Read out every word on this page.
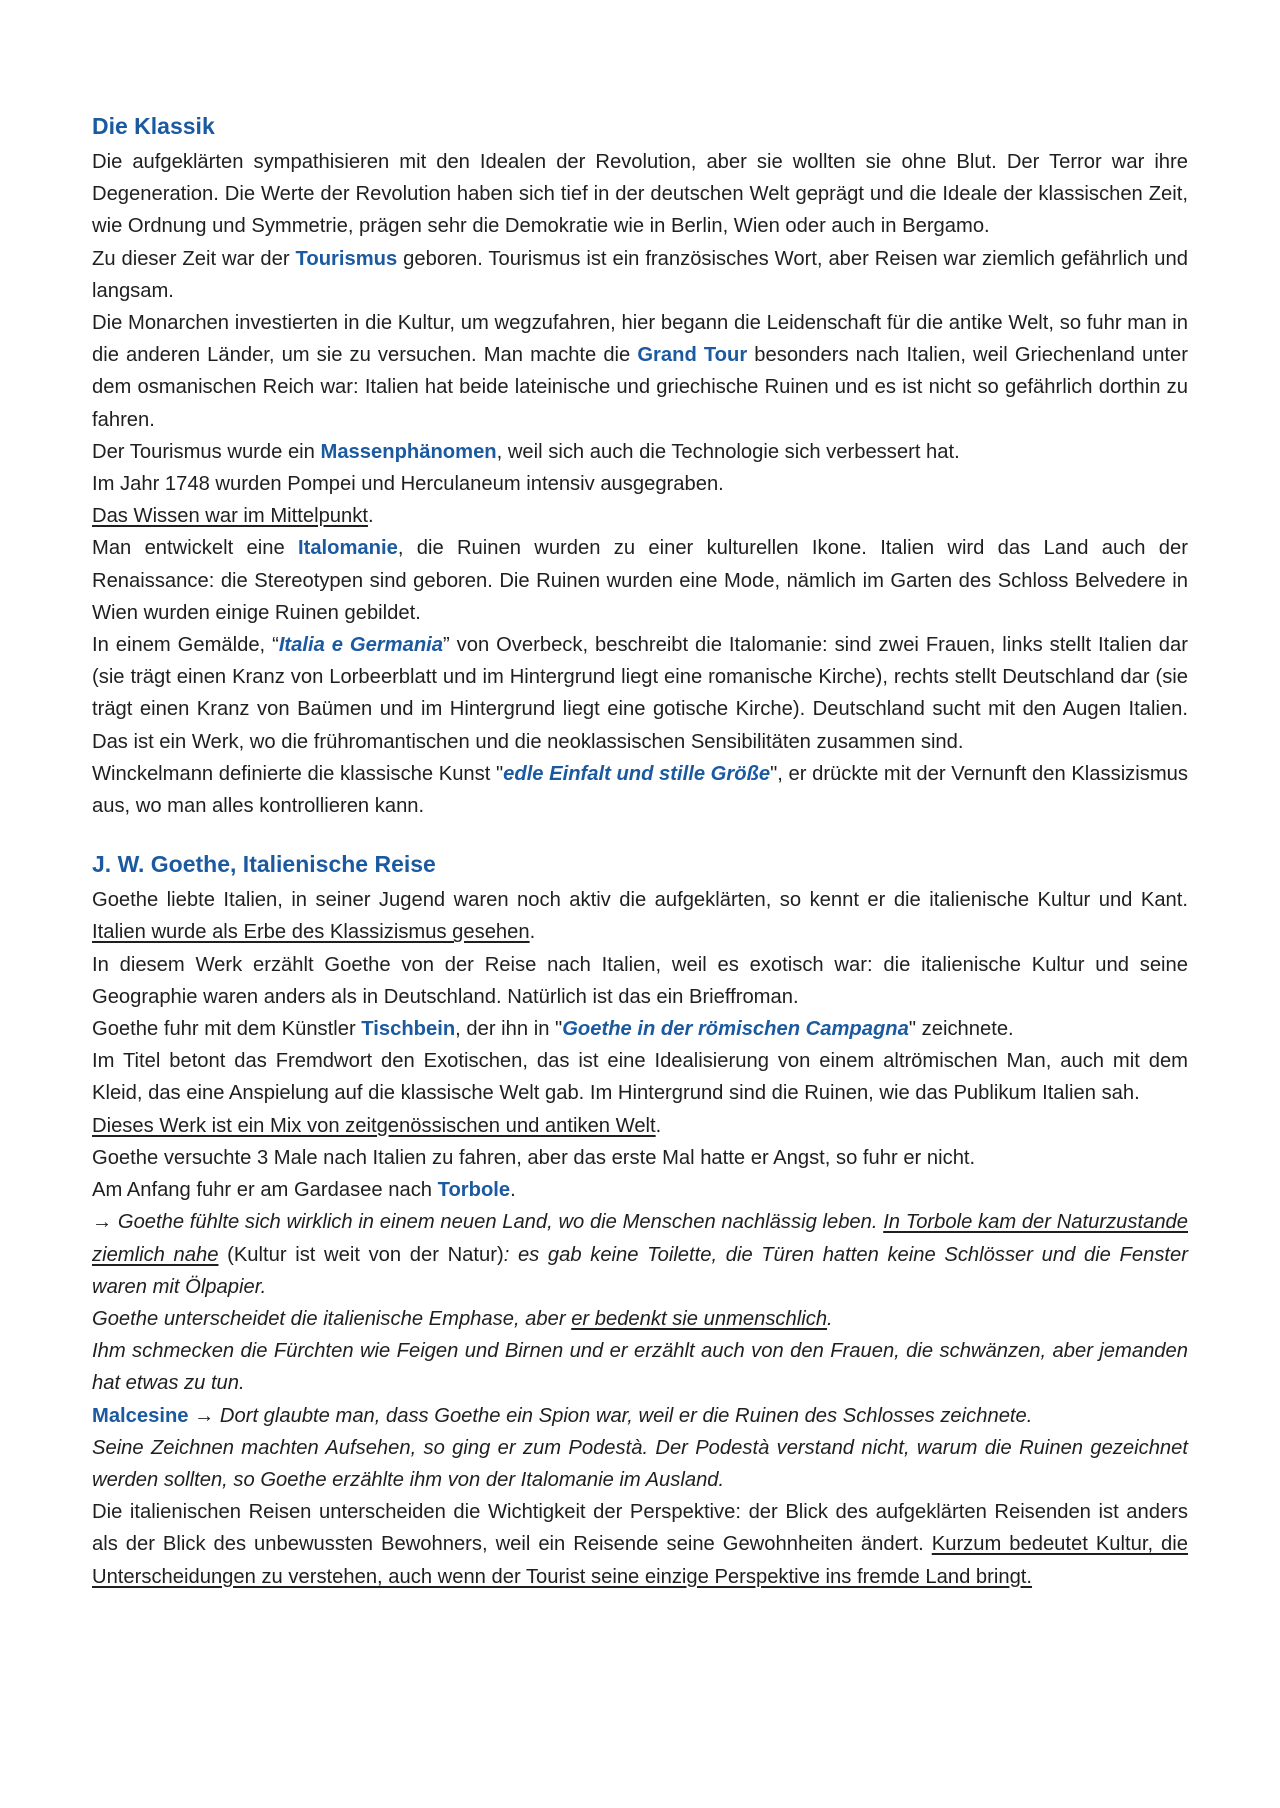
Die Klassik

Die aufgeklärten sympathisieren mit den Idealen der Revolution, aber sie wollten sie ohne Blut. Der Terror war ihre Degeneration. Die Werte der Revolution haben sich tief in der deutschen Welt geprägt und die Ideale der klassischen Zeit, wie Ordnung und Symmetrie, prägen sehr die Demokratie wie in Berlin, Wien oder auch in Bergamo.

Zu dieser Zeit war der Tourismus geboren. Tourismus ist ein französisches Wort, aber Reisen war ziemlich gefährlich und langsam.

Die Monarchen investierten in die Kultur, um wegzufahren, hier begann die Leidenschaft für die antike Welt, so fuhr man in die anderen Länder, um sie zu versuchen. Man machte die Grand Tour besonders nach Italien, weil Griechenland unter dem osmanischen Reich war: Italien hat beide lateinische und griechische Ruinen und es ist nicht so gefährlich dorthin zu fahren.

Der Tourismus wurde ein Massenphänomen, weil sich auch die Technologie sich verbessert hat.

Im Jahr 1748 wurden Pompei und Herculaneum intensiv ausgegraben.

Das Wissen war im Mittelpunkt.

Man entwickelt eine Italomanie, die Ruinen wurden zu einer kulturellen Ikone. Italien wird das Land auch der Renaissance: die Stereotypen sind geboren. Die Ruinen wurden eine Mode, nämlich im Garten des Schloss Belvedere in Wien wurden einige Ruinen gebildet.

In einem Gemälde, “Italia e Germania” von Overbeck, beschreibt die Italomanie: sind zwei Frauen, links stellt Italien dar (sie trägt einen Kranz von Lorbeerblatt und im Hintergrund liegt eine romanische Kirche), rechts stellt Deutschland dar (sie trägt einen Kranz von Baümen und im Hintergrund liegt eine gotische Kirche). Deutschland sucht mit den Augen Italien. Das ist ein Werk, wo die frühromantischen und die neoklassischen Sensibilitäten zusammen sind.

Winckelmann definierte die klassische Kunst "edle Einfalt und stille Größe", er drückte mit der Vernunft den Klassizismus aus, wo man alles kontrollieren kann.

J. W. Goethe, Italienische Reise

Goethe liebte Italien, in seiner Jugend waren noch aktiv die aufgeklärten, so kennt er die italienische Kultur und Kant. Italien wurde als Erbe des Klassizismus gesehen.

In diesem Werk erzählt Goethe von der Reise nach Italien, weil es exotisch war: die italienische Kultur und seine Geographie waren anders als in Deutschland. Natürlich ist das ein Brieffroman.

Goethe fuhr mit dem Künstler Tischbein, der ihn in "Goethe in der römischen Campagna" zeichnete.

Im Titel betont das Fremdwort den Exotischen, das ist eine Idealisierung von einem altrömischen Man, auch mit dem Kleid, das eine Anspielung auf die klassische Welt gab. Im Hintergrund sind die Ruinen, wie das Publikum Italien sah.

Dieses Werk ist ein Mix von zeitgenössischen und antiken Welt.

Goethe versuchte 3 Male nach Italien zu fahren, aber das erste Mal hatte er Angst, so fuhr er nicht.

Am Anfang fuhr er am Gardasee nach Torbole.

→ Goethe fühlte sich wirklich in einem neuen Land, wo die Menschen nachlässig leben. In Torbole kam der Naturzustande ziemlich nahe (Kultur ist weit von der Natur): es gab keine Toilette, die Türen hatten keine Schlösser und die Fenster waren mit Ölpapier.

Goethe unterscheidet die italienische Emphase, aber er bedenkt sie unmenschlich.

Ihm schmecken die Fürchten wie Feigen und Birnen und er erzählt auch von den Frauen, die schwänzen, aber jemanden hat etwas zu tun.

Malcesine → Dort glaubte man, dass Goethe ein Spion war, weil er die Ruinen des Schlosses zeichnete.

Seine Zeichnen machten Aufsehen, so ging er zum Podestà. Der Podestà verstand nicht, warum die Ruinen gezeichnet werden sollten, so Goethe erzählte ihm von der Italomanie im Ausland.

Die italienischen Reisen unterscheiden die Wichtigkeit der Perspektive: der Blick des aufgeklärten Reisenden ist anders als der Blick des unbewussten Bewohners, weil ein Reisende seine Gewohnheiten ändert. Kurzum bedeutet Kultur, die Unterscheidungen zu verstehen, auch wenn der Tourist seine einzige Perspektive ins fremde Land bringt.
